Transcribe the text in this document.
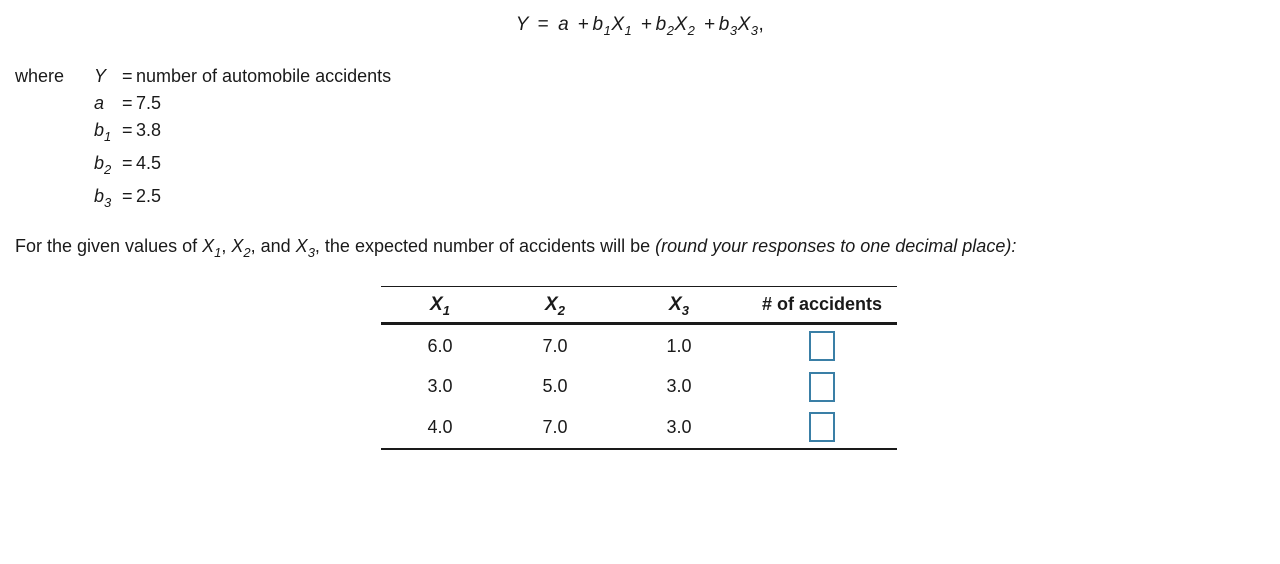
$Y = a + b_1X_1 + b_2X_2 + b_3X_3$,
where Y = number of automobile accidents
a = 7.5
$b_1 = 3.8$
$b_2 = 4.5$
$b_3 = 2.5$
For the given values of $X_1$, $X_2$, and $X_3$, the expected number of accidents will be (round your responses to one decimal place):
$X_1$	$X_2$	$X_3$	# of accidents
6.0	7.0	1.0	
3.0	5.0	3.0	
4.0	7.0	3.0	
